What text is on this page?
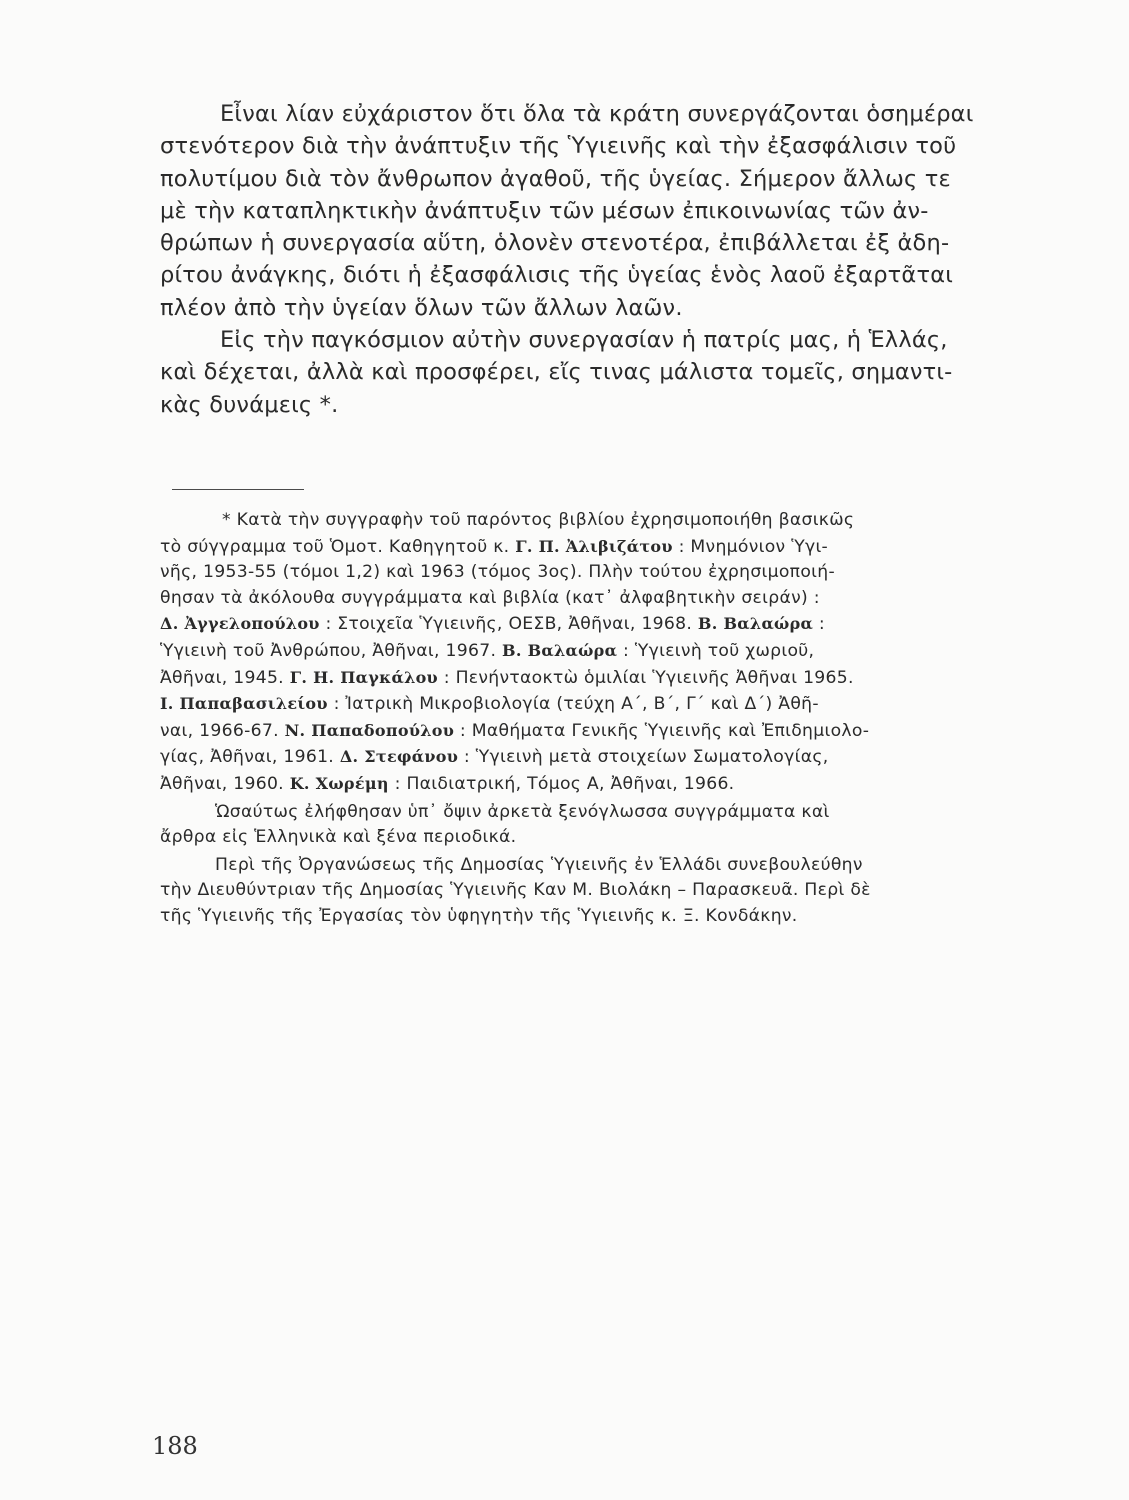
Εἶναι λίαν εὐχάριστον ὅτι ὅλα τὰ κράτη συνεργάζονται ὁσημέραι
στενότερον διὰ τὴν ἀνάπτυξιν τῆς Ὑγιεινῆς καὶ τὴν ἐξασφάλισιν τοῦ
πολυτίμου διὰ τὸν ἄνθρωπον ἀγαθοῦ, τῆς ὑγείας. Σήμερον ἄλλως τε
μὲ τὴν καταπληκτικὴν ἀνάπτυξιν τῶν μέσων ἐπικοινωνίας τῶν ἀν-
θρώπων ἡ συνεργασία αὕτη, ὁλονὲν στενοτέρα, ἐπιβάλλεται ἐξ ἀδη-
ρίτου ἀνάγκης, διότι ἡ ἐξασφάλισις τῆς ὑγείας ἑνὸς λαοῦ ἐξαρτᾶται
πλέον ἀπὸ τὴν ὑγείαν ὅλων τῶν ἄλλων λαῶν.
Εἰς τὴν παγκόσμιον αὐτὴν συνεργασίαν ἡ πατρίς μας, ἡ Ἑλλάς,
καὶ δέχεται, ἀλλὰ καὶ προσφέρει, εἴς τινας μάλιστα τομεῖς, σημαντι-
κὰς δυνάμεις *.
* Κατὰ τὴν συγγραφὴν τοῦ παρόντος βιβλίου ἐχρησιμοποιήθη βασικῶς
τὸ σύγγραμμα τοῦ Ὁμοτ. Καθηγητοῦ κ. Γ. Π. Ἀλιβιζάτου : Μνημόνιον Ὑγι-
νῆς, 1953-55 (τόμοι 1,2) καὶ 1963 (τόμος 3ος). Πλὴν τούτου ἐχρησιμοποιή-
θησαν τὰ ἀκόλουθα συγγράμματα καὶ βιβλία (κατ᾿ ἀλφαβητικὴν σειράν) :
Δ. Ἀγγελοπούλου : Στοιχεῖα Ὑγιεινῆς, ΟΕΣΒ, Ἀθῆναι, 1968. Β. Βαλαώρα :
Ὑγιεινὴ τοῦ Ἀνθρώπου, Ἀθῆναι, 1967. Β. Βαλαώρα : Ὑγιεινὴ τοῦ χωριοῦ,
Ἀθῆναι, 1945. Γ. Η. Παγκάλου : Πενήνταοκτὼ ὁμιλίαι Ὑγιεινῆς Ἀθῆναι 1965.
Ι. Παπαβασιλείου : Ἰατρικὴ Μικροβιολογία (τεύχη Α΄, Β΄, Γ΄ καὶ Δ΄) Ἀθῆ-
ναι, 1966-67. Ν. Παπαδοπούλου : Μαθήματα Γενικῆς Ὑγιεινῆς καὶ Ἐπιδημιολο-
γίας, Ἀθῆναι, 1961. Δ. Στεφάνου : Ὑγιεινὴ μετὰ στοιχείων Σωματολογίας,
Ἀθῆναι, 1960. Κ. Χωρέμη : Παιδιατρική, Τόμος Α, Ἀθῆναι, 1966.
Ὡσαύτως ἐλήφθησαν ὑπ᾿ ὄψιν ἀρκετὰ ξενόγλωσσα συγγράμματα καὶ
ἄρθρα εἰς Ἑλληνικὰ καὶ ξένα περιοδικά.
Περὶ τῆς Ὀργανώσεως τῆς Δημοσίας Ὑγιεινῆς ἐν Ἑλλάδι συνεβουλεύθην
τὴν Διευθύντριαν τῆς Δημοσίας Ὑγιεινῆς Καν Μ. Βιολάκη – Παρασκευᾶ. Περὶ δὲ
τῆς Ὑγιεινῆς τῆς Ἐργασίας τὸν ὑφηγητὴν τῆς Ὑγιεινῆς κ. Ξ. Κονδάκην.
188
